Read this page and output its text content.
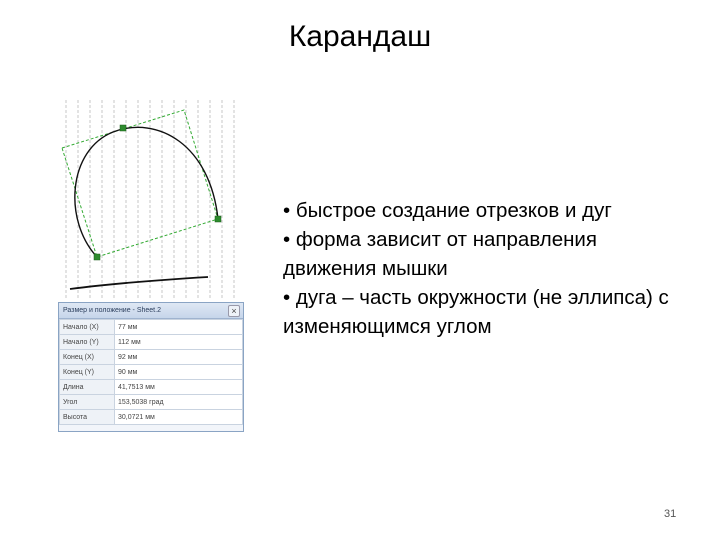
Карандаш
Размер и положение - Sheet.2	×
Начало (X)	77 мм
Начало (Y)	112 мм
Конец (X)	92 мм
Конец (Y)	90 мм
Длина	41,7513 мм
Угол	153,5038 град
Высота	30,0721 мм
• быстрое создание отрезков и дуг
• форма зависит от направления движения мышки
• дуга – часть окружности (не эллипса) с изменяющимся углом
31
